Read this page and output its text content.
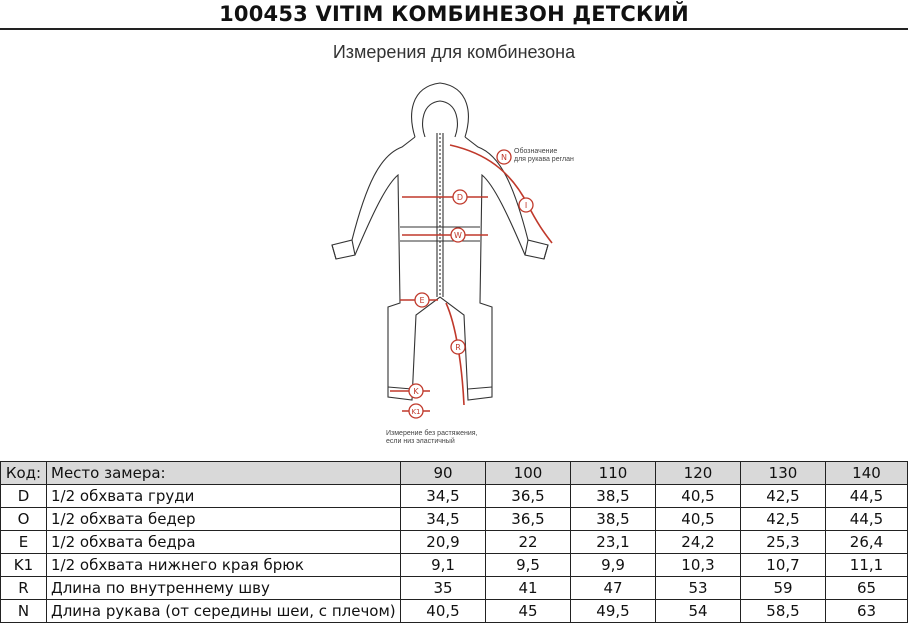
100453 VITIM КОМБИНЕЗОН ДЕТСКИЙ
Измерения для комбинезона
D
W
E
R
K
K1
N
I
Обозначение
для рукава реглан
Измерение без растяжения,
если низ эластичный
Код:	Место замера:	90	100	110	120	130	140
D	1/2 обхвата груди	34,5	36,5	38,5	40,5	42,5	44,5
O	1/2 обхвата бедер	34,5	36,5	38,5	40,5	42,5	44,5
E	1/2 обхвата бедра	20,9	22	23,1	24,2	25,3	26,4
K1	1/2 обхвата нижнего края брюк	9,1	9,5	9,9	10,3	10,7	11,1
R	Длина по внутреннему шву	35	41	47	53	59	65
N	Длина рукава (от середины шеи, с плечом)	40,5	45	49,5	54	58,5	63
